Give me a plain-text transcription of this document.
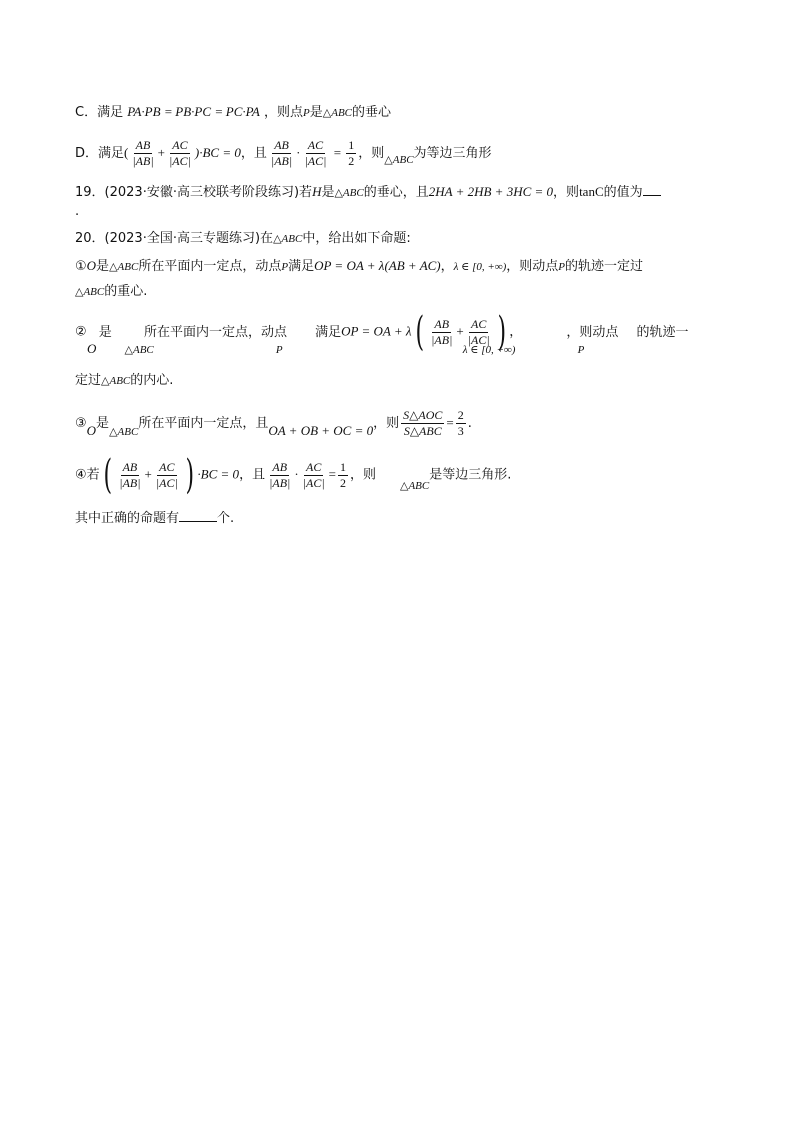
C．满足 PA·PB = PB·PC = PC·PA ，则点P是△ABC的垂心
D．满足( $\frac{AB}{|AB|} + \frac{AC}{|AC|} )\cdot BC = 0$，且 $\frac{AB}{|AB|} \cdot \frac{AC}{|AC|} = \frac{1}{2}$ ，则$_{\triangle ABC}$为等边三角形
19．(2023·安徽·高三校联考阶段练习)若H是△ABC的垂心，且2HA + 2HB + 3HC = 0，则tanC的值为
.
20．(2023·全国·高三专题练习)在△ABC中，给出如下命题:
①O是△ABC所在平面内一定点，动点P满足OP = OA + λ(AB + AC)，λ ∈ [0, +∞)，则动点P的轨迹一定过
△ABC的重心.
② 是 所在平面内一定点，动点 满足OP = OA + $\lambda( \frac{AB}{|AB|} + \frac{AC}{|AC|}$ ) ，	，则动点 的轨迹一
O	△ABC	P	λ ∈ [0, +∞)	P
定过△ABC的内心.
③O是$_{\triangle ABC}$所在平面内一定点，且OA + OB + OC = 0，则 $\frac{\text{S△AOC}}{\text{S△ABC}} = \frac{2}{3}$ .
④若( $\frac{AB}{|AB|} + \frac{AC}{|AC|}$ ) ·BC = 0，且 $\frac{AB}{|AB|} \cdot \frac{AC}{|AC|} = \frac{1}{2}$ ，则$_{\triangle ABC}$是等边三角形.
其中正确的命题有	个.
